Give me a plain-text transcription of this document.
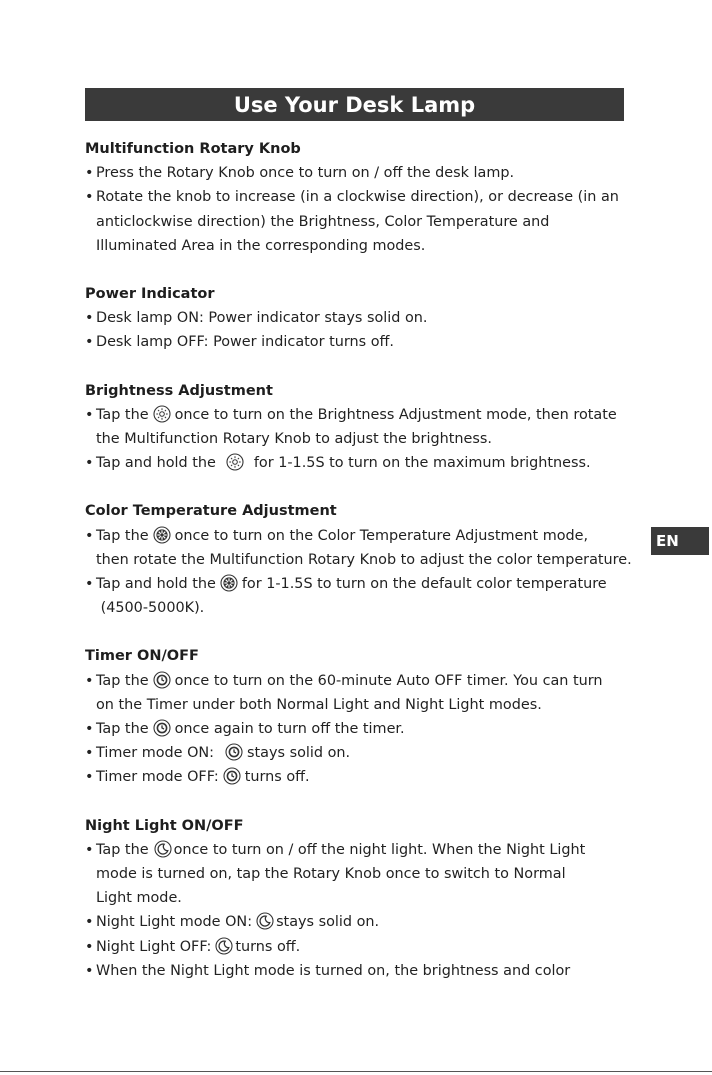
Use Your Desk Lamp
Multifunction Rotary Knob
• Press the Rotary Knob once to turn on / off the desk lamp.
• Rotate the knob to increase (in a clockwise direction), or decrease (in an
anticlockwise direction) the Brightness, Color Temperature and
Illuminated Area in the corresponding modes.
Power Indicator
• Desk lamp ON: Power indicator stays solid on.
• Desk lamp OFF: Power indicator turns off.
Brightness Adjustment
• Tap the once to turn on the Brightness Adjustment mode, then rotate
the Multifunction Rotary Knob to adjust the brightness.
• Tap and hold the	for 1-1.5S to turn on the maximum brightness.
Color Temperature Adjustment
• Tap the once to turn on the Color Temperature Adjustment mode,
then rotate the Multifunction Rotary Knob to adjust the color temperature.
• Tap and hold the for 1-1.5S to turn on the default color temperature
(4500-5000K).
Timer ON/OFF
• Tap the once to turn on the 60-minute Auto OFF timer. You can turn
on the Timer under both Normal Light and Night Light modes.
• Tap the once again to turn off the timer.
• Timer mode ON: stays solid on.
• Timer mode OFF: turns off.
Night Light ON/OFF
• Tap the once to turn on / off the night light. When the Night Light
mode is turned on, tap the Rotary Knob once to switch to Normal
Light mode.
• Night Light mode ON: stays solid on.
• Night Light OFF: turns off.
• When the Night Light mode is turned on, the brightness and color
EN
